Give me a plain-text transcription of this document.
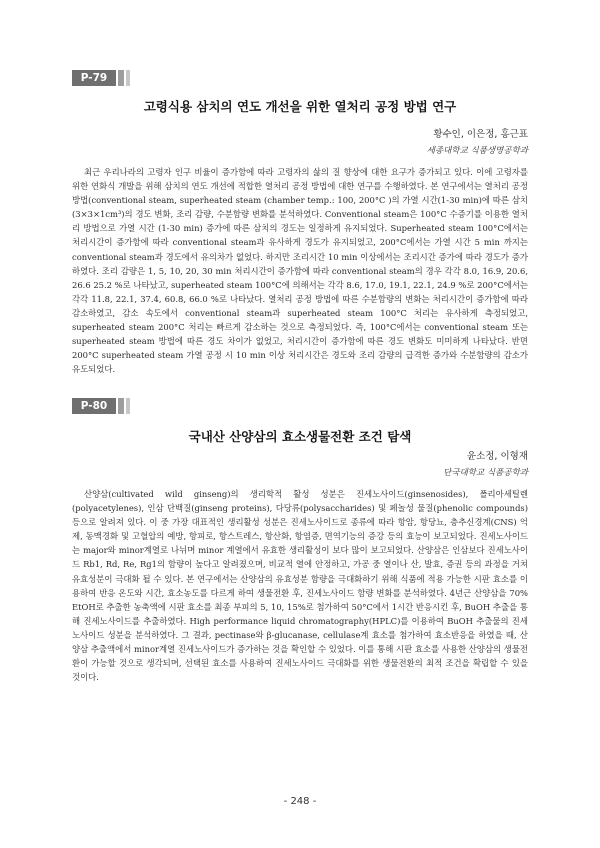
P-79
고령식용 삼치의 연도 개선을 위한 열처리 공정 방법 연구
황수인, 이은정, 홍근표
세종대학교 식품생명공학과

최근 우리나라의 고령자 인구 비율이 증가함에 따라 고령자의 삶의 질 향상에 대한 요구가 증가되고 있다. 이에 고령자를 위한 연화식 개발을 위해 삼치의 연도 개선에 적합한 열처리 공정 방법에 대한 연구를 수행하였다. 본 연구에서는 열처리 공정 방법(conventional steam, superheated steam (chamber temp.: 100, 200°C )의 가열 시간(1-30 min)에 따른 삼치(3×3×1cm³)의 경도 변화, 조리 감량, 수분함량 변화를 분석하였다. Conventional steam은 100°C 수증기를 이용한 열처리 방법으로 가열 시간 (1-30 min) 증가에 따른 삼치의 경도는 일정하게 유지되었다. Superheated steam 100°C에서는 처리시간이 증가함에 따라 conventional steam과 유사하게 경도가 유지되었고, 200°C에서는 가열 시간 5 min 까지는 conventional steam과 경도에서 유의차가 없었다. 하지만 조리시간 10 min 이상에서는 조리시간 증가에 따라 경도가 증가하였다. 조리 감량은 1, 5, 10, 20, 30 min 처리시간이 증가함에 따라 conventional steam의 경우 각각 8.0, 16.9, 20.6, 26.6 25.2 %로 나타났고, superheated steam 100°C에 의해서는 각각 8.6, 17.0, 19.1, 22.1, 24.9 %로 200°C에서는 각각 11.8, 22.1, 37.4, 60.8, 66.0 %로 나타났다. 열처리 공정 방법에 따른 수분함량의 변화는 처리시간이 증가함에 따라 감소하였고, 감소 속도에서 conventional steam과 superheated steam 100°C 처리는 유사하게 측정되었고, superheated steam 200°C 처리는 빠르게 감소하는 것으로 측정되었다. 즉, 100°C에서는 conventional steam 또는 superheated steam 방법에 따른 경도 차이가 없었고, 처리시간이 증가함에 따른 경도 변화도 미미하게 나타났다. 반면 200°C superheated steam 가열 공정 시 10 min 이상 처리시간은 경도와 조리 감량의 급격한 증가와 수분함량의 감소가 유도되었다.

P-80
국내산 산양삼의 효소생물전환 조건 탐색
윤소정, 이형재
단국대학교 식품공학과

산양삼(cultivated wild ginseng)의 생리학적 활성 성분은 진세노사이드(ginsenosides), 폴리아세틸렌(polyacetylenes), 인삼 단백질(ginseng proteins), 다당류(polysaccharides) 및 페놀성 물질(phenolic compounds) 등으로 알려져 있다. 이 중 가장 대표적인 생리활성 성분은 진세노사이드로 종류에 따라 항암, 항당뇨, 층추신경계(CNS) 억제, 동맥경화 및 고혈압의 예방, 항피로, 항스트레스, 항산화, 항염증, 면역기능의 증강 등의 효능이 보고되었다. 진세노사이드는 major와 minor계열로 나뉘며 minor 계열에서 유효한 생리활성이 보다 많이 보고되었다. 산양삼은 인삼보다 진세노사이드 Rb1, Rd, Re, Rg1의 함량이 높다고 알려졌으며, 비교적 열에 안정하고, 가공 중 열이나 산, 발효, 증권 등의 과정을 거쳐 유효성분이 극대화 될 수 있다. 본 연구에서는 산양삼의 유효성분 함량을 극대화하기 위해 식품에 적용 가능한 시판 효소를 이용하여 반응 온도와 시간, 효소농도를 다르게 하여 생물전환 후, 진세노사이드 함량 변화를 분석하였다. 4년근 산양삼을 70% EtOH로 추출한 농축액에 시판 효소를 최종 부피의 5, 10, 15%로 첨가하여 50°C에서 1시간 반응시킨 후, BuOH 추출을 통해 진세노사이드를 추출하였다. High performance liquid chromatography(HPLC)를 이용하여 BuOH 추출물의 진세노사이드 성분을 분석하였다. 그 결과, pectinase와 β-glucanase, cellulase계 효소를 첨가하여 효소반응을 하였을 때, 산양삼 추출액에서 minor계열 진세노사이드가 증가하는 것을 확인할 수 있었다. 이를 통해 시판 효소를 사용한 산양삼의 생물전환이 가능할 것으로 생각되며, 선택된 효소를 사용하여 진세노사이드 극대화를 위한 생물전환의 최적 조건을 확립할 수 있을 것이다.

- 248 -
